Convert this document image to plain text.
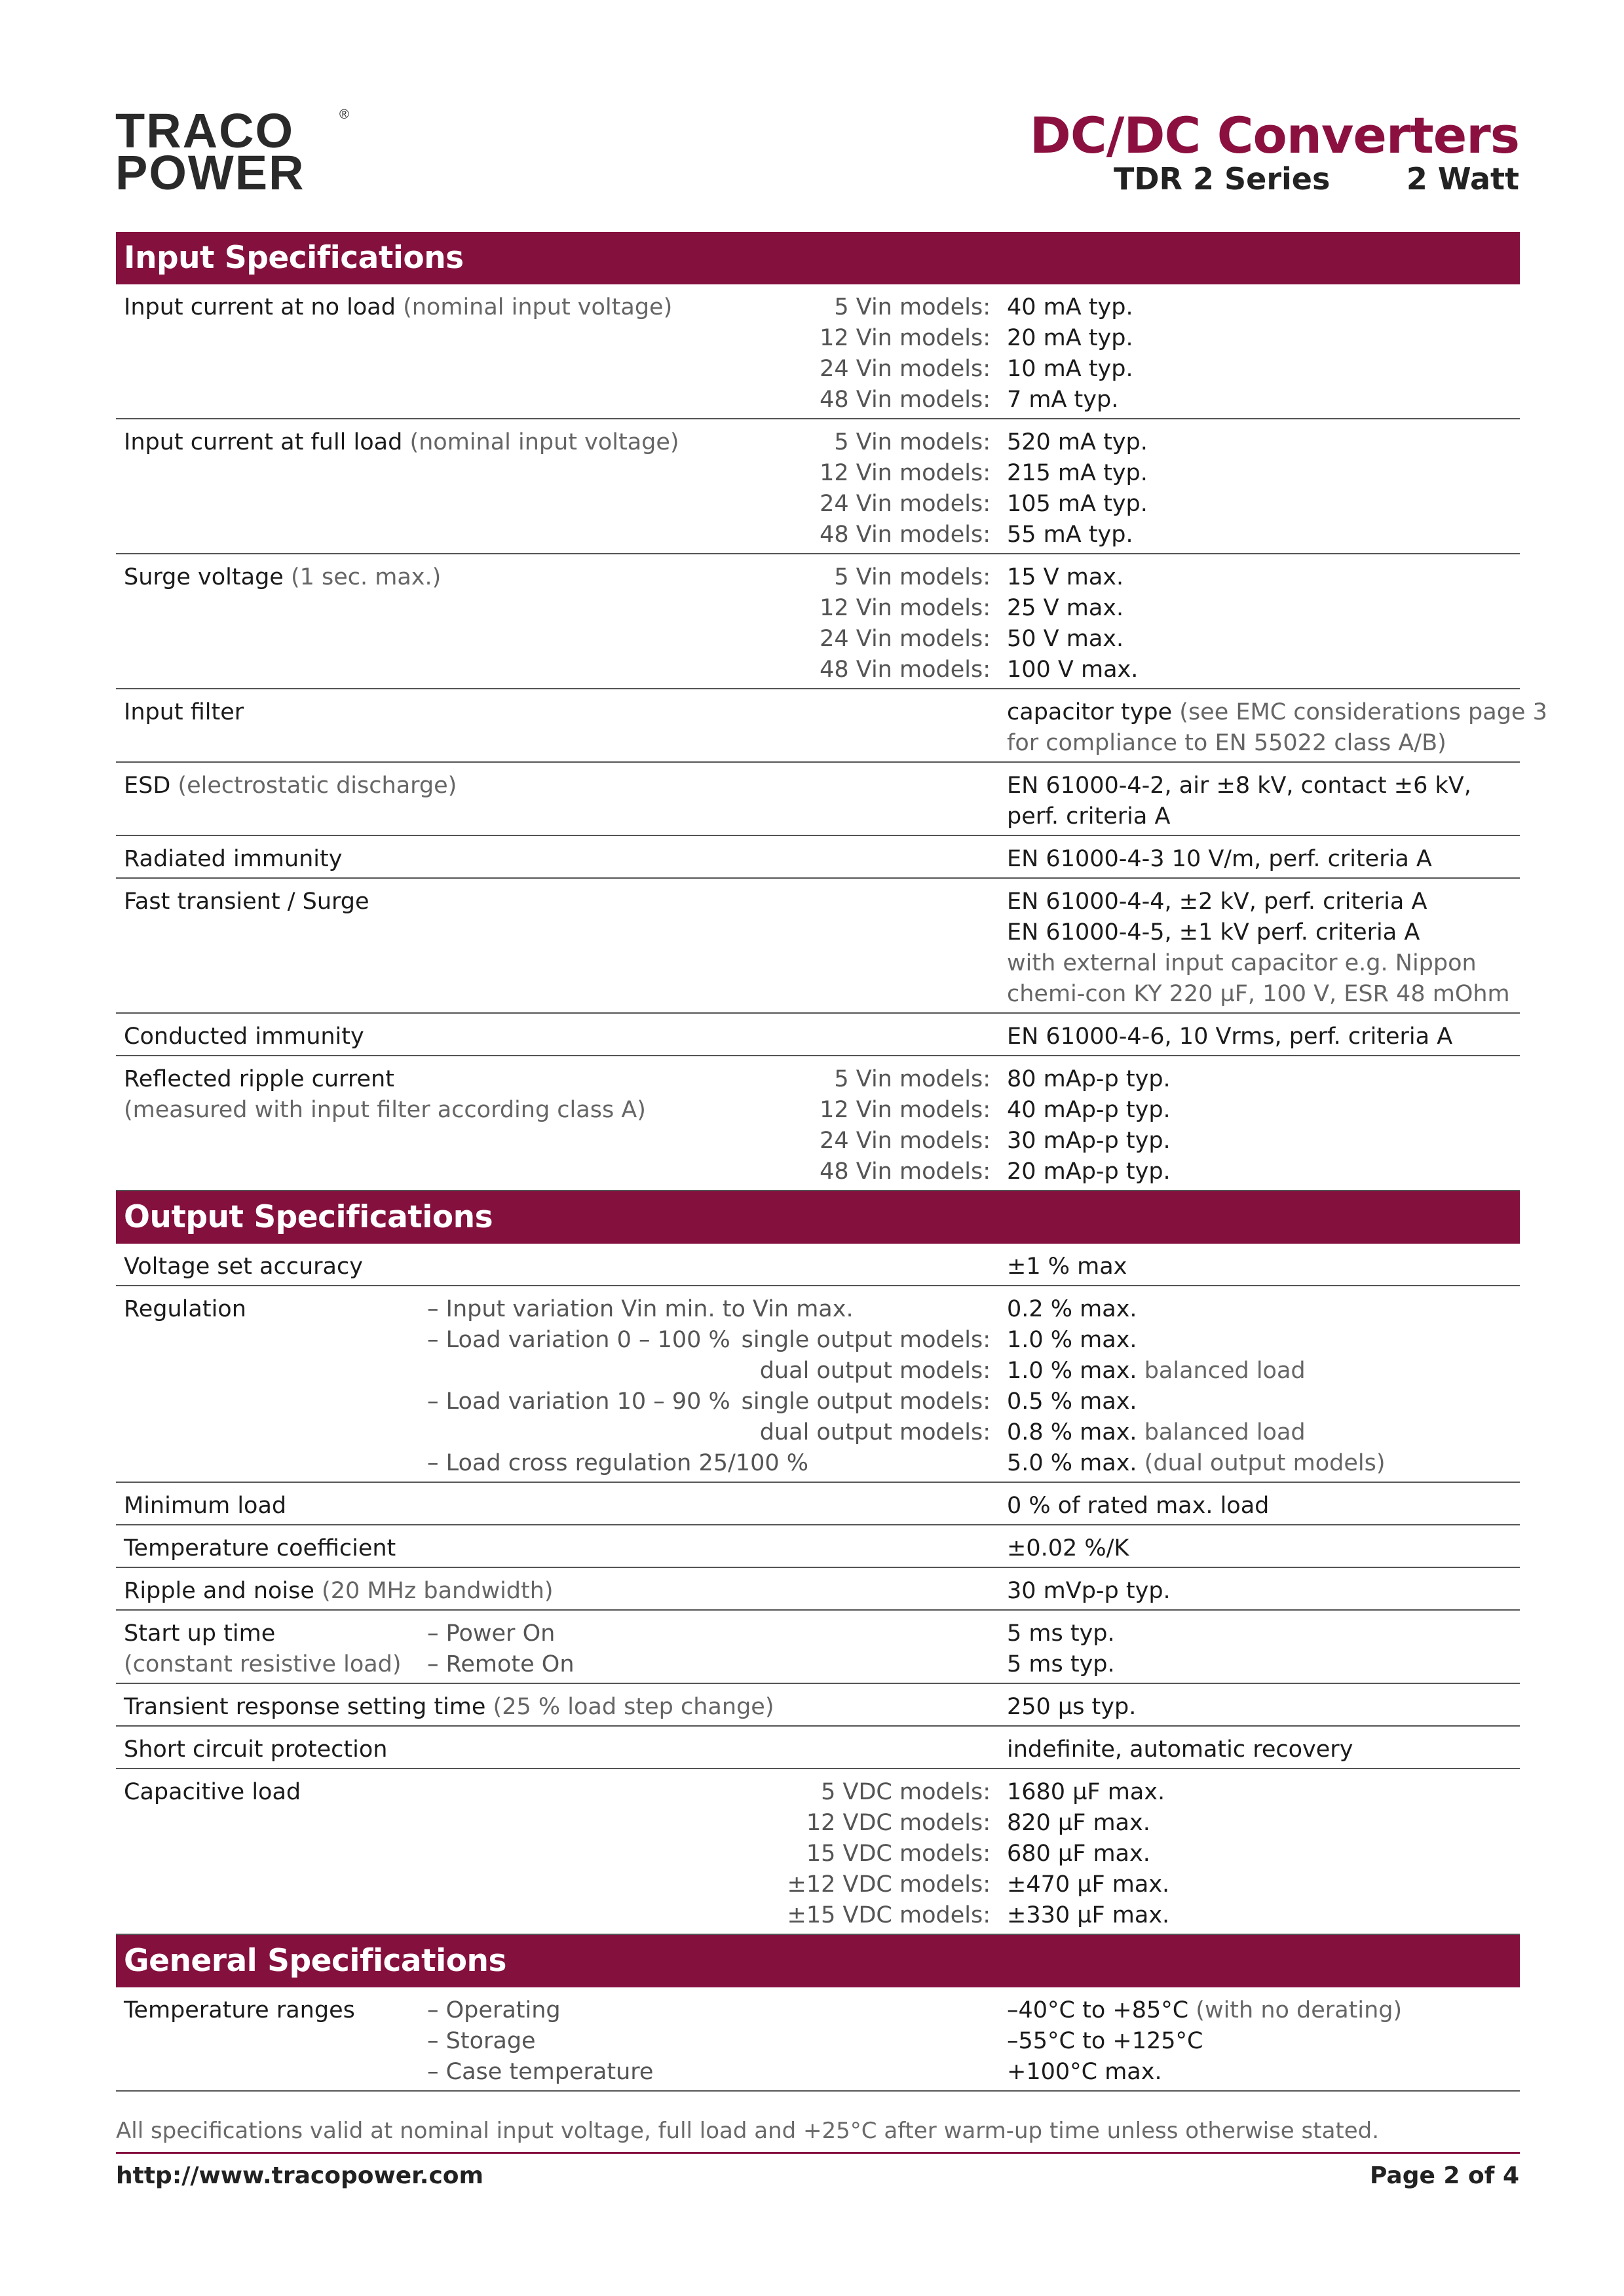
TRACO
POWER
®	DC/DC Converters
TDR 2 Series	2 Watt
Input Specifications
Input current at no load (nominal input voltage)	5 Vin models: 40 mA typ.
12 Vin models: 20 mA typ.
24 Vin models: 10 mA typ.
48 Vin models: 7 mA typ.
Input current at full load (nominal input voltage)	5 Vin models: 520 mA typ.
12 Vin models: 215 mA typ.
24 Vin models: 105 mA typ.
48 Vin models: 55 mA typ.
Surge voltage (1 sec. max.)	5 Vin models: 15 V max.
12 Vin models: 25 V max.
24 Vin models: 50 V max.
48 Vin models: 100 V max.
Input filter	capacitor type (see EMC considerations page 3
for compliance to EN 55022 class A/B)
ESD (electrostatic discharge)	EN 61000-4-2, air ±8 kV, contact ±6 kV,
perf. criteria A
Radiated immunity	EN 61000-4-3 10 V/m, perf. criteria A
Fast transient / Surge	EN 61000-4-4, ±2 kV, perf. criteria A
EN 61000-4-5, ±1 kV perf. criteria A
with external input capacitor e.g. Nippon
chemi-con KY 220 µF, 100 V, ESR 48 mOhm
Conducted immunity	EN 61000-4-6, 10 Vrms, perf. criteria A
Reflected ripple current	5 Vin models: 80 mAp-p typ.
(measured with input filter according class A)	12 Vin models: 40 mAp-p typ.
24 Vin models: 30 mAp-p typ.
48 Vin models: 20 mAp-p typ.
Output Specifications
Voltage set accuracy	±1 % max
Regulation	– Input variation Vin min. to Vin max.	0.2 % max.
– Load variation 0 – 100 % single output models: 1.0 % max.
dual output models: 1.0 % max. balanced load
– Load variation 10 – 90 % single output models: 0.5 % max.
dual output models: 0.8 % max. balanced load
– Load cross regulation 25/100 %	5.0 % max. (dual output models)
Minimum load	0 % of rated max. load
Temperature coefficient	±0.02 %/K
Ripple and noise (20 MHz bandwidth)	30 mVp-p typ.
Start up time	– Power On	5 ms typ.
(constant resistive load) – Remote On	5 ms typ.
Transient response setting time (25 % load step change)	250 µs typ.
Short circuit protection	indefinite, automatic recovery
Capacitive load	5 VDC models: 1680 µF max.
12 VDC models: 820 µF max.
15 VDC models: 680 µF max.
±12 VDC models: ±470 µF max.
±15 VDC models: ±330 µF max.
General Specifications
Temperature ranges	– Operating	–40°C to +85°C (with no derating)
– Storage	–55°C to +125°C
– Case temperature	+100°C max.
All specifications valid at nominal input voltage, full load and +25°C after warm-up time unless otherwise stated.
http://www.tracopower.com	Page 2 of 4
